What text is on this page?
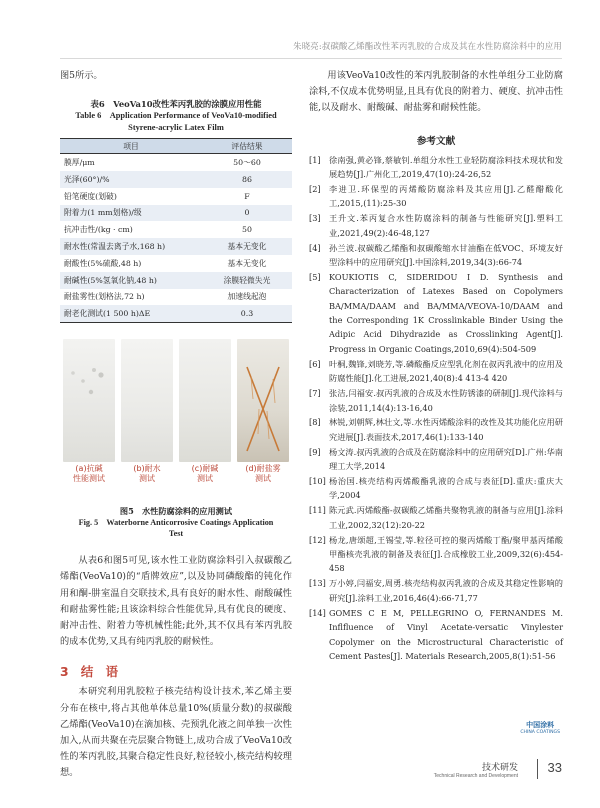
朱晓亮:叔碳酸乙烯酯改性苯丙乳胶的合成及其在水性防腐涂料中的应用

图5所示。

表6　VeoVa10改性苯丙乳胶的涂膜应用性能
Table 6　Application Performance of VeoVa10-modified
Styrene-acrylic Latex Film
项目	评估结果
膜厚/μm	50～60
光泽(60°)/%	86
铅笔硬度(划破)	F
附着力(1 mm划格)/级	0
抗冲击性/(kg · cm)	50
耐水性(常温去离子水,168 h)	基本无变化
耐酸性(5%硫酸,48 h)	基本无变化
耐碱性(5%氢氧化钠,48 h)	涂膜轻微失光
耐盐雾性(划格法,72 h)	加速线起泡
耐老化测试(1 500 h)ΔE	0.3
(a)抗碱
性能测试
(b)耐水
测试
(c)耐碱
测试
(d)耐盐雾
测试
图5　水性防腐涂料的应用测试
Fig. 5　Waterborne Anticorrosive Coatings Application
Test

从表6和图5可见,该水性工业防腐涂料引入叔碳酸乙烯酯(VeoVa10)的“盾牌效应”,以及协同磷酸酯的钝化作用和酮-肼室温自交联技术,具有良好的耐水性、耐酸碱性和耐盐雾性能;且该涂料综合性能优异,具有优良的硬度、耐冲击性、附着力等机械性能;此外,其不仅具有苯丙乳胶的成本优势,又具有纯丙乳胶的耐候性。

3 结 语

本研究利用乳胶粒子核壳结构设计技术,苯乙烯主要分布在核中,将占其他单体总量10%(质量分数)的叔碳酸乙烯酯(VeoVa10)在滴加核、壳预乳化液之间单独一次性加入,从而共聚在壳层聚合物链上,成功合成了VeoVa10改性的苯丙乳胶,其聚合稳定性良好,粒径较小,核壳结构较理想。

用该VeoVa10改性的苯丙乳胶制备的水性单组分工业防腐涂料,不仅成本优势明显,且具有优良的附着力、硬度、抗冲击性能,以及耐水、耐酸碱、耐盐雾和耐候性能。

参考文献
[1]	徐南强,黄必锋,蔡敏钊.单组分水性工业轻防腐涂料技术现状和发展趋势[J].广州化工,2019,47(10):24-26,52
[2]	李进卫.环保型的丙烯酸防腐涂料及其应用[J].乙醛醋酸化工,2015,(11):25-30
[3]	王升文.苯丙复合水性防腐涂料的制备与性能研究[J].塑料工业,2021,49(2):46-48,127
[4]	孙兰波.叔碳酸乙烯酯和叔碳酸缩水甘油酯在低VOC、环境友好型涂料中的应用研究[J].中国涂料,2019,34(3):66-74
[5]	KOUKIOTIS C, SIDERIDOU I D. Synthesis and Characterization of Latexes Based on Copolymers BA/MMA/DAAM and BA/MMA/VEOVA-10/DAAM and the Corresponding 1K Crosslinkable Binder Using the Adipic Acid Dihydrazide as Crosslinking Agent[J]. Progress in Organic Coatings,2010,69(4):504-509
[6]	叶桐,魏锋,刘晓芳,等.磷酸酯反应型乳化剂在叔丙乳液中的应用及防腐性能[J].化工进展,2021,40(8):4 413-4 420
[7]	张洁,闫福安.叔丙乳液的合成及水性防锈漆的研制[J].现代涂料与涂装,2011,14(4):13-16,40
[8]	林锐,刘朝辉,林壮文,等.水性丙烯酸涂料的改性及其功能化应用研究进展[J].表面技术,2017,46(1):133-140
[9]	杨文涛.叔丙乳液的合成及在防腐涂料中的应用研究[D].广州:华南理工大学,2014
[10] 杨治国.核壳结构丙烯酸酯乳液的合成与表征[D].重庆:重庆大学,2004
[11] 陈元武.丙烯酸酯-叔碳酸乙烯酯共聚物乳液的制备与应用[J].涂料工业,2002,32(12):20-22
[12] 杨龙,唐颂超,王锡莹,等.粒径可控的聚丙烯酸丁酯/聚甲基丙烯酸甲酯核壳乳液的制备及表征[J].合成橡胶工业,2009,32(6):454-458
[13] 万小婷,闫福安,周勇.核壳结构叔丙乳液的合成及其稳定性影响的研究[J].涂料工业,2016,46(4):66-71,77
[14] GOMES C E M, PELLEGRINO O, FERNANDES M. Inflfluence of Vinyl Acetate-versatic Vinylester Copolymer on the Microstructural Characteristic of Cement Pastes[J]. Materials Research,2005,8(1):51-56
中国涂料
CHINA COATINGS
技术研发
Technical Research and Development
33
